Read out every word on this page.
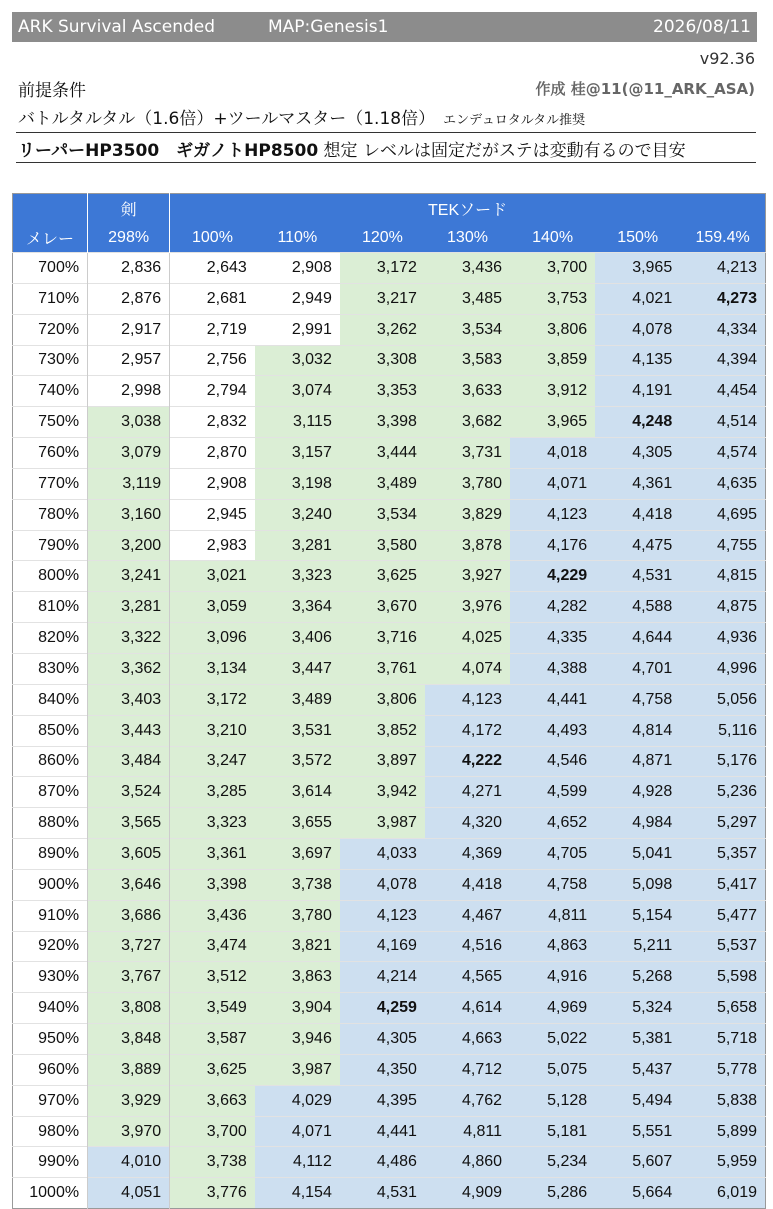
ARK Survival Ascended	MAP:Genesis1	2026/08/11
v92.36
前提条件	作成 桂@11(@11_ARK_ASA)
バトルタルタル（1.6倍）+ツールマスター（1.18倍） エンデュロタルタル推奨
リーパーHP3500　ギガノトHP8500 想定 レベルは固定だがステは変動有るので目安
	剣	TEKソード						
メレー	298%	100%	110%	120%	130%	140%	150%	159.4%
700%	2,836	2,643	2,908	3,172	3,436	3,700	3,965	4,213
710%	2,876	2,681	2,949	3,217	3,485	3,753	4,021	4,273
720%	2,917	2,719	2,991	3,262	3,534	3,806	4,078	4,334
730%	2,957	2,756	3,032	3,308	3,583	3,859	4,135	4,394
740%	2,998	2,794	3,074	3,353	3,633	3,912	4,191	4,454
750%	3,038	2,832	3,115	3,398	3,682	3,965	4,248	4,514
760%	3,079	2,870	3,157	3,444	3,731	4,018	4,305	4,574
770%	3,119	2,908	3,198	3,489	3,780	4,071	4,361	4,635
780%	3,160	2,945	3,240	3,534	3,829	4,123	4,418	4,695
790%	3,200	2,983	3,281	3,580	3,878	4,176	4,475	4,755
800%	3,241	3,021	3,323	3,625	3,927	4,229	4,531	4,815
810%	3,281	3,059	3,364	3,670	3,976	4,282	4,588	4,875
820%	3,322	3,096	3,406	3,716	4,025	4,335	4,644	4,936
830%	3,362	3,134	3,447	3,761	4,074	4,388	4,701	4,996
840%	3,403	3,172	3,489	3,806	4,123	4,441	4,758	5,056
850%	3,443	3,210	3,531	3,852	4,172	4,493	4,814	5,116
860%	3,484	3,247	3,572	3,897	4,222	4,546	4,871	5,176
870%	3,524	3,285	3,614	3,942	4,271	4,599	4,928	5,236
880%	3,565	3,323	3,655	3,987	4,320	4,652	4,984	5,297
890%	3,605	3,361	3,697	4,033	4,369	4,705	5,041	5,357
900%	3,646	3,398	3,738	4,078	4,418	4,758	5,098	5,417
910%	3,686	3,436	3,780	4,123	4,467	4,811	5,154	5,477
920%	3,727	3,474	3,821	4,169	4,516	4,863	5,211	5,537
930%	3,767	3,512	3,863	4,214	4,565	4,916	5,268	5,598
940%	3,808	3,549	3,904	4,259	4,614	4,969	5,324	5,658
950%	3,848	3,587	3,946	4,305	4,663	5,022	5,381	5,718
960%	3,889	3,625	3,987	4,350	4,712	5,075	5,437	5,778
970%	3,929	3,663	4,029	4,395	4,762	5,128	5,494	5,838
980%	3,970	3,700	4,071	4,441	4,811	5,181	5,551	5,899
990%	4,010	3,738	4,112	4,486	4,860	5,234	5,607	5,959
1000%	4,051	3,776	4,154	4,531	4,909	5,286	5,664	6,019
